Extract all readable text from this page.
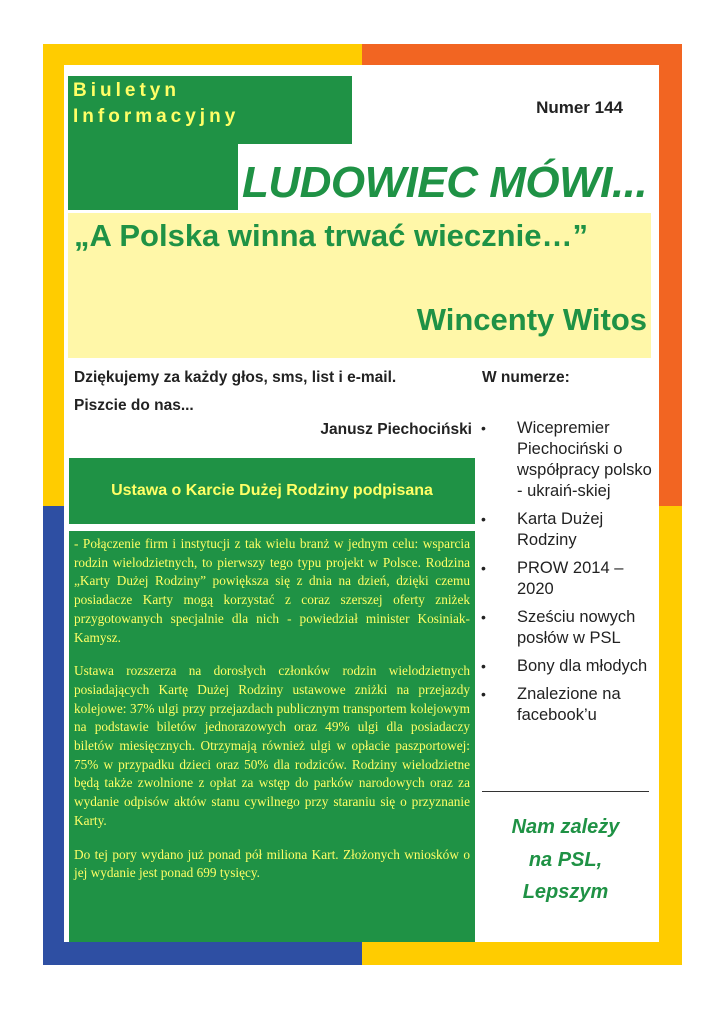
Biuletyn
Informacyjny	Numer 144
LUDOWIEC MÓWI...
„A Polska winna trwać wiecznie…”
Wincenty Witos
Dziękujemy za każdy głos, sms, list i e-mail.
Piszcie do nas...
Janusz Piechociński
Ustawa o Karcie Dużej Rodziny podpisana

- Połączenie firm i instytucji z tak wielu branż w jednym celu: wsparcia rodzin wielodzietnych, to pierwszy tego typu projekt w Polsce. Rodzina „Karty Dużej Rodziny” powiększa się z dnia na dzień, dzięki czemu posiadacze Karty mogą korzystać z coraz szerszej oferty zniżek przygotowanych specjalnie dla nich - powiedział minister Kosiniak-Kamysz.

Ustawa rozszerza na dorosłych członków rodzin wielodzietnych posiadających Kartę Dużej Rodziny ustawowe zniżki na przejazdy kolejowe: 37% ulgi przy przejazdach publicznym transportem kolejowym na podstawie biletów jednorazowych oraz 49% ulgi dla posiadaczy biletów miesięcznych. Otrzymają również ulgi w opłacie paszportowej: 75% w przypadku dzieci oraz 50% dla rodziców. Rodziny wielodzietne będą także zwolnione z opłat za wstęp do parków narodowych oraz za wydanie odpisów aktów stanu cywilnego przy staraniu się o przyznanie Karty.

Do tej pory wydano już ponad pół miliona Kart. Złożonych wniosków o jej wydanie jest ponad 699 tysięcy.

W numerze:
• Wicepremier Piechociński o współpracy polsko - ukraiń-skiej
• Karta Dużej Rodziny
• PROW 2014 –2020
• Sześciu nowych posłów w PSL
• Bony dla młodych
• Znalezione na facebook’u
Nam zależy
na PSL,
Lepszym
